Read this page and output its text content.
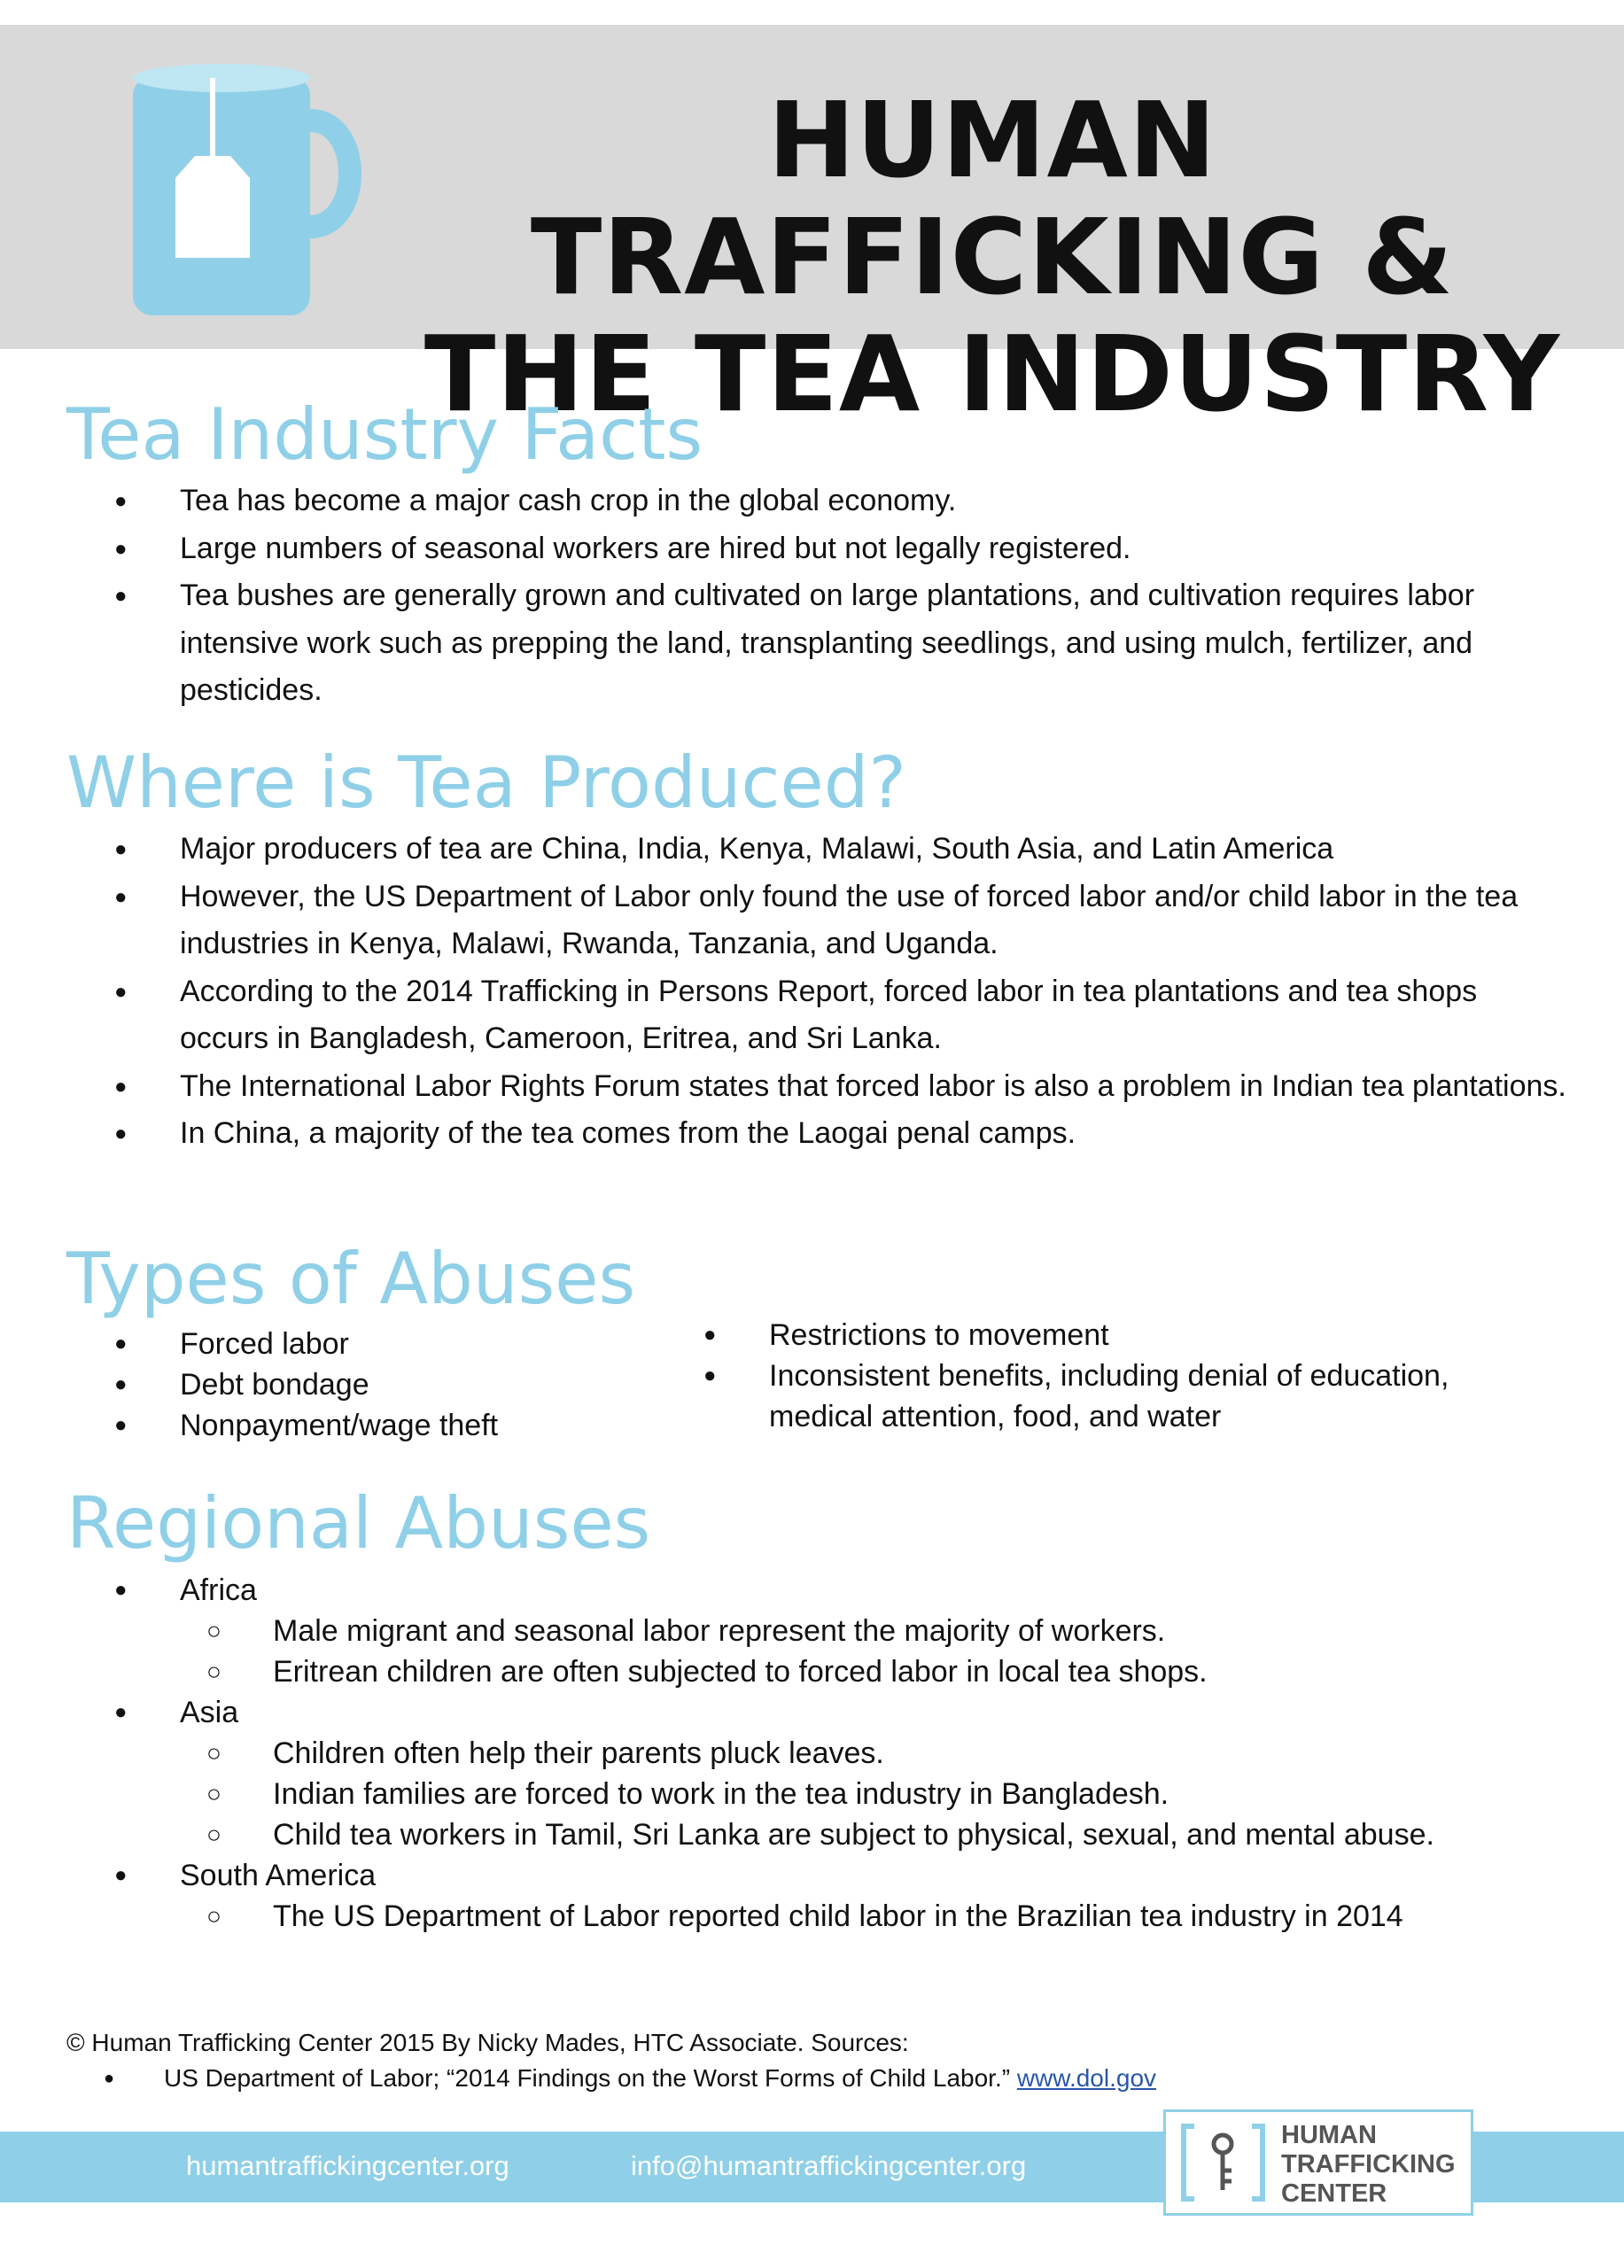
HUMAN TRAFFICKING &
THE TEA INDUSTRY
Tea Industry Facts
● Tea has become a major cash crop in the global economy.
● Large numbers of seasonal workers are hired but not legally registered.
● Tea bushes are generally grown and cultivated on large plantations, and cultivation requires labor intensive work such as prepping the land, transplanting seedlings, and using mulch, fertilizer, and pesticides.
Where is Tea Produced?
● Major producers of tea are China, India, Kenya, Malawi, South Asia, and Latin America
● However, the US Department of Labor only found the use of forced labor and/or child labor in the tea industries in Kenya, Malawi, Rwanda, Tanzania, and Uganda.
● According to the 2014 Trafficking in Persons Report, forced labor in tea plantations and tea shops occurs in Bangladesh, Cameroon, Eritrea, and Sri Lanka.
● The International Labor Rights Forum states that forced labor is also a problem in Indian tea plantations.
● In China, a majority of the tea comes from the Laogai penal camps.
Types of Abuses
● Forced labor
● Debt bondage
● Nonpayment/wage theft
● Restrictions to movement
● Inconsistent benefits, including denial of education, medical attention, food, and water
Regional Abuses
● Africa
○ Male migrant and seasonal labor represent the majority of workers.
○ Eritrean children are often subjected to forced labor in local tea shops.
● Asia
○ Children often help their parents pluck leaves.
○ Indian families are forced to work in the tea industry in Bangladesh.
○ Child tea workers in Tamil, Sri Lanka are subject to physical, sexual, and mental abuse.
● South America
○ The US Department of Labor reported child labor in the Brazilian tea industry in 2014
© Human Trafficking Center 2015 By Nicky Mades, HTC Associate. Sources:
● US Department of Labor; “2014 Findings on the Worst Forms of Child Labor.” www.dol.gov
humantraffickingcenter.org	info@humantraffickingcenter.org
HUMAN
TRAFFICKING
CENTER
